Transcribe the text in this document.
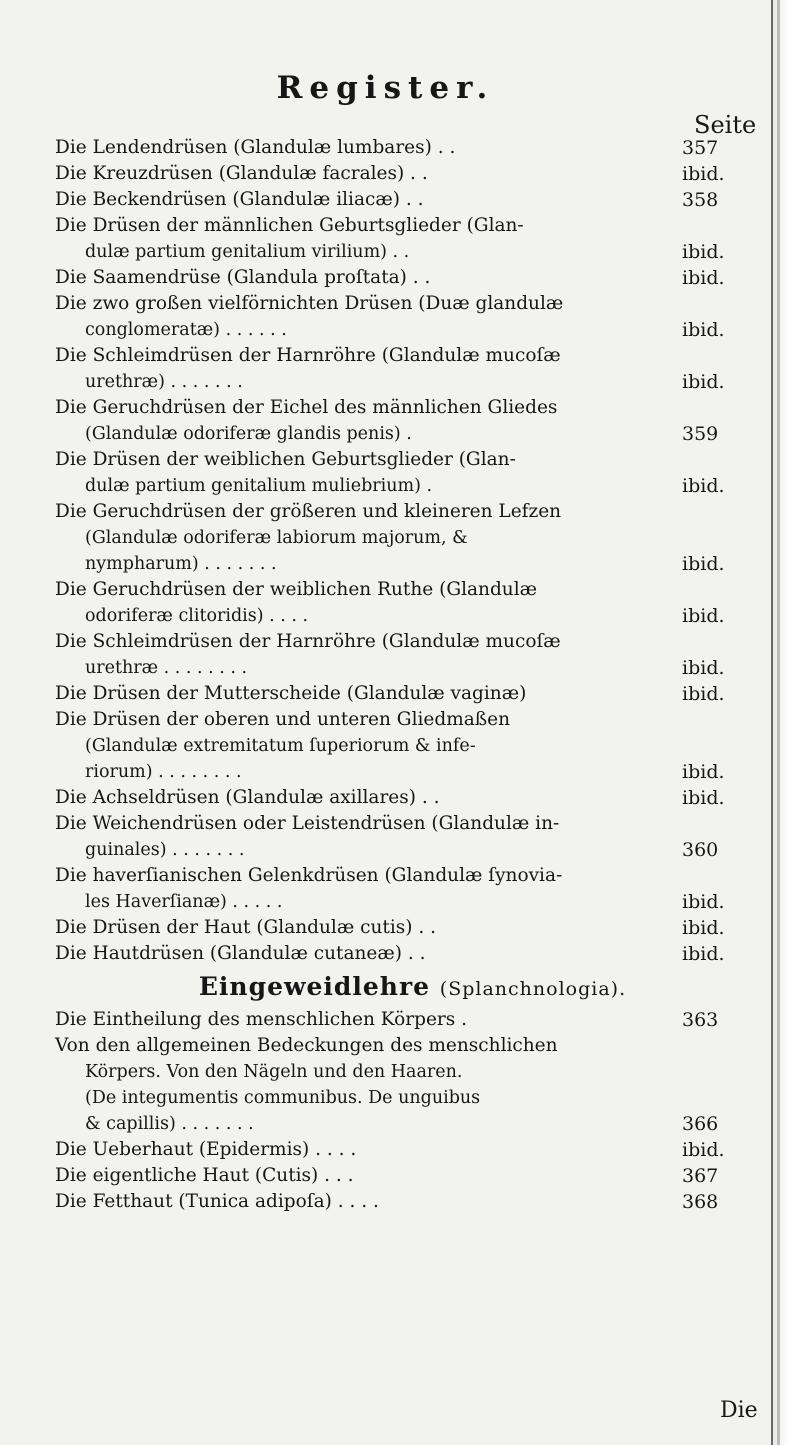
Register.
Seite
Die Lendendrüsen (Glandulæ lumbares) . .	357
Die Kreuzdrüsen (Glandulæ facrales) . .	ibid.
Die Beckendrüsen (Glandulæ iliacæ) . .	358
Die Drüsen der männlichen Geburtsglieder (Glan-
dulæ partium genitalium virilium) . .	ibid.
Die Saamendrüse (Glandula proſtata) . .	ibid.
Die zwo großen vielförnichten Drüsen (Duæ glandulæ
conglomeratæ) . . . . . .	ibid.
Die Schleimdrüsen der Harnröhre (Glandulæ mucoſæ
urethræ) . . . . . . .	ibid.
Die Geruchdrüsen der Eichel des männlichen Gliedes
(Glandulæ odoriferæ glandis penis) .	359
Die Drüsen der weiblichen Geburtsglieder (Glan-
dulæ partium genitalium muliebrium) .	ibid.
Die Geruchdrüsen der größeren und kleineren Lefzen
(Glandulæ odoriferæ labiorum majorum, &
nympharum) . . . . . . .	ibid.
Die Geruchdrüsen der weiblichen Ruthe (Glandulæ
odoriferæ clitoridis) . . . .	ibid.
Die Schleimdrüsen der Harnröhre (Glandulæ mucoſæ
urethræ . . . . . . . .	ibid.
Die Drüsen der Mutterscheide (Glandulæ vaginæ)	ibid.
Die Drüsen der oberen und unteren Gliedmaßen
(Glandulæ extremitatum ſuperiorum & infe-
riorum) . . . . . . . .	ibid.
Die Achseldrüsen (Glandulæ axillares) . .	ibid.
Die Weichendrüsen oder Leistendrüsen (Glandulæ in-
guinales) . . . . . . .	360
Die haverſianischen Gelenkdrüsen (Glandulæ ſynovia-
les Haverſianæ) . . . . .	ibid.
Die Drüsen der Haut (Glandulæ cutis) . .	ibid.
Die Hautdrüsen (Glandulæ cutaneæ) . .	ibid.
Eingeweidlehre (Splanchnologia).
Die Eintheilung des menschlichen Körpers .	363
Von den allgemeinen Bedeckungen des menschlichen
Körpers. Von den Nägeln und den Haaren.
(De integumentis communibus. De unguibus
& capillis) . . . . . . .	366
Die Ueberhaut (Epidermis) . . . .	ibid.
Die eigentliche Haut (Cutis) . . .	367
Die Fetthaut (Tunica adipoſa) . . . .	368
Die
